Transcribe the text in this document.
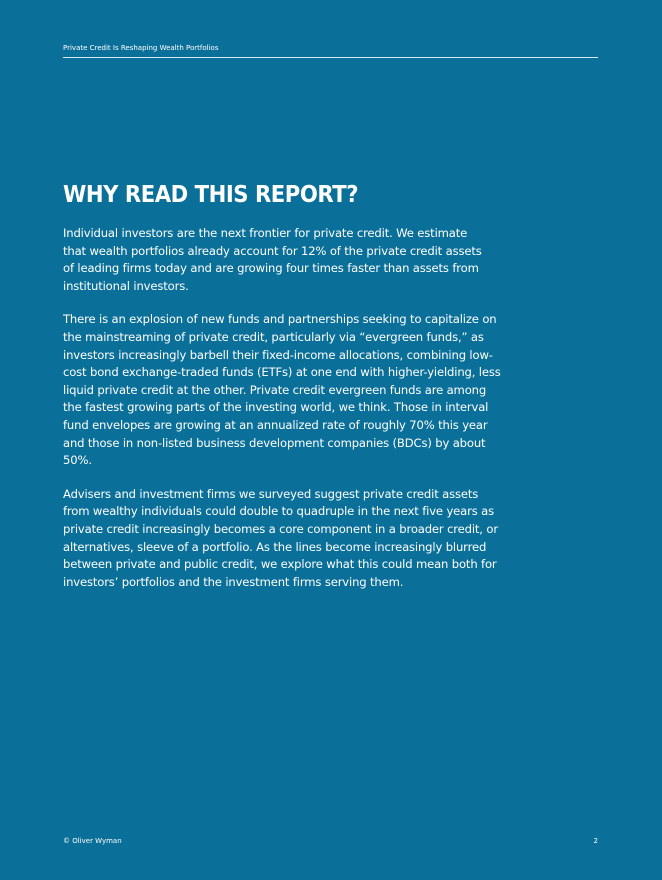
Private Credit Is Reshaping Wealth Portfolios
WHY READ THIS REPORT?

Individual investors are the next frontier for private credit. We estimate that wealth portfolios already account for 12% of the private credit assets of leading firms today and are growing four times faster than assets from institutional investors.

There is an explosion of new funds and partnerships seeking to capitalize on the mainstreaming of private credit, particularly via “evergreen funds,” as investors increasingly barbell their fixed-income allocations, combining low-cost bond exchange-traded funds (ETFs) at one end with higher-yielding, less liquid private credit at the other. Private credit evergreen funds are among the fastest growing parts of the investing world, we think. Those in interval fund envelopes are growing at an annualized rate of roughly 70% this year and those in non-listed business development companies (BDCs) by about 50%.

Advisers and investment firms we surveyed suggest private credit assets from wealthy individuals could double to quadruple in the next five years as private credit increasingly becomes a core component in a broader credit, or alternatives, sleeve of a portfolio. As the lines become increasingly blurred between private and public credit, we explore what this could mean both for investors’ portfolios and the investment firms serving them.

© Oliver Wyman	2
